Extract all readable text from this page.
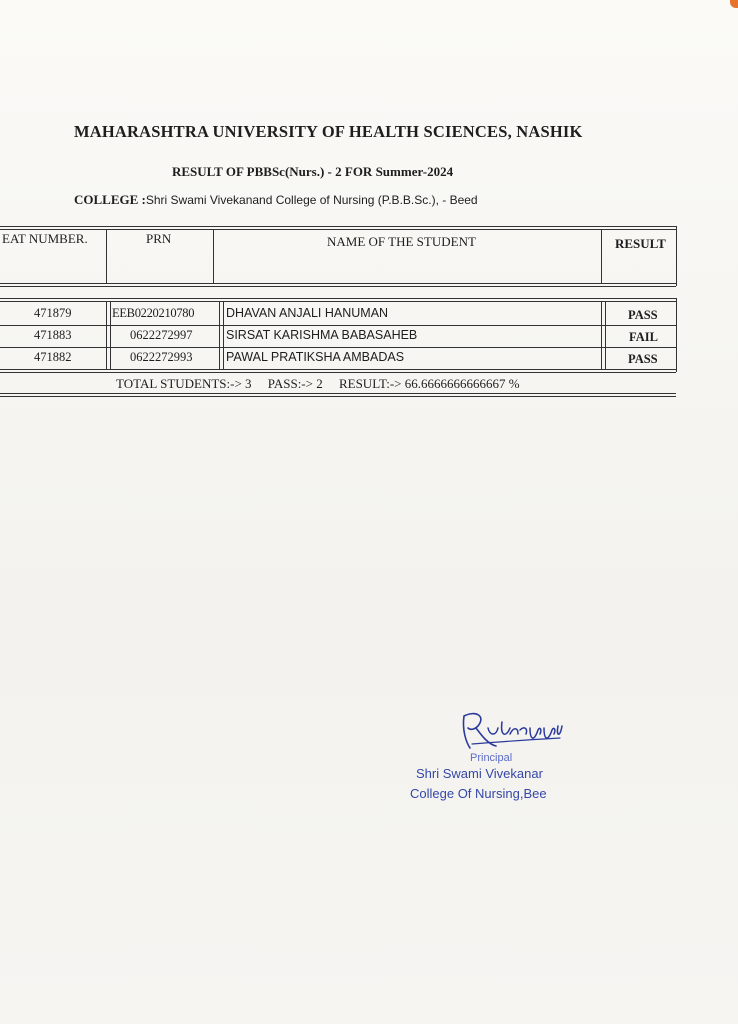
MAHARASHTRA UNIVERSITY OF HEALTH SCIENCES, NASHIK
RESULT OF PBBSc(Nurs.) - 2 FOR Summer-2024
COLLEGE :Shri Swami Vivekanand College of Nursing (P.B.B.Sc.), - Beed
EAT NUMBER.	PRN	NAME OF THE STUDENT	RESULT
471879	EEB0220210780	DHAVAN ANJALI HANUMAN	PASS
471883	0622272997	SIRSAT KARISHMA BABASAHEB	FAIL
471882	0622272993	PAWAL PRATIKSHA AMBADAS	PASS
TOTAL STUDENTS:-> 3     PASS:-> 2     RESULT:-> 66.6666666666667 %
Principal
Shri Swami Vivekanar
College Of Nursing,Bee
